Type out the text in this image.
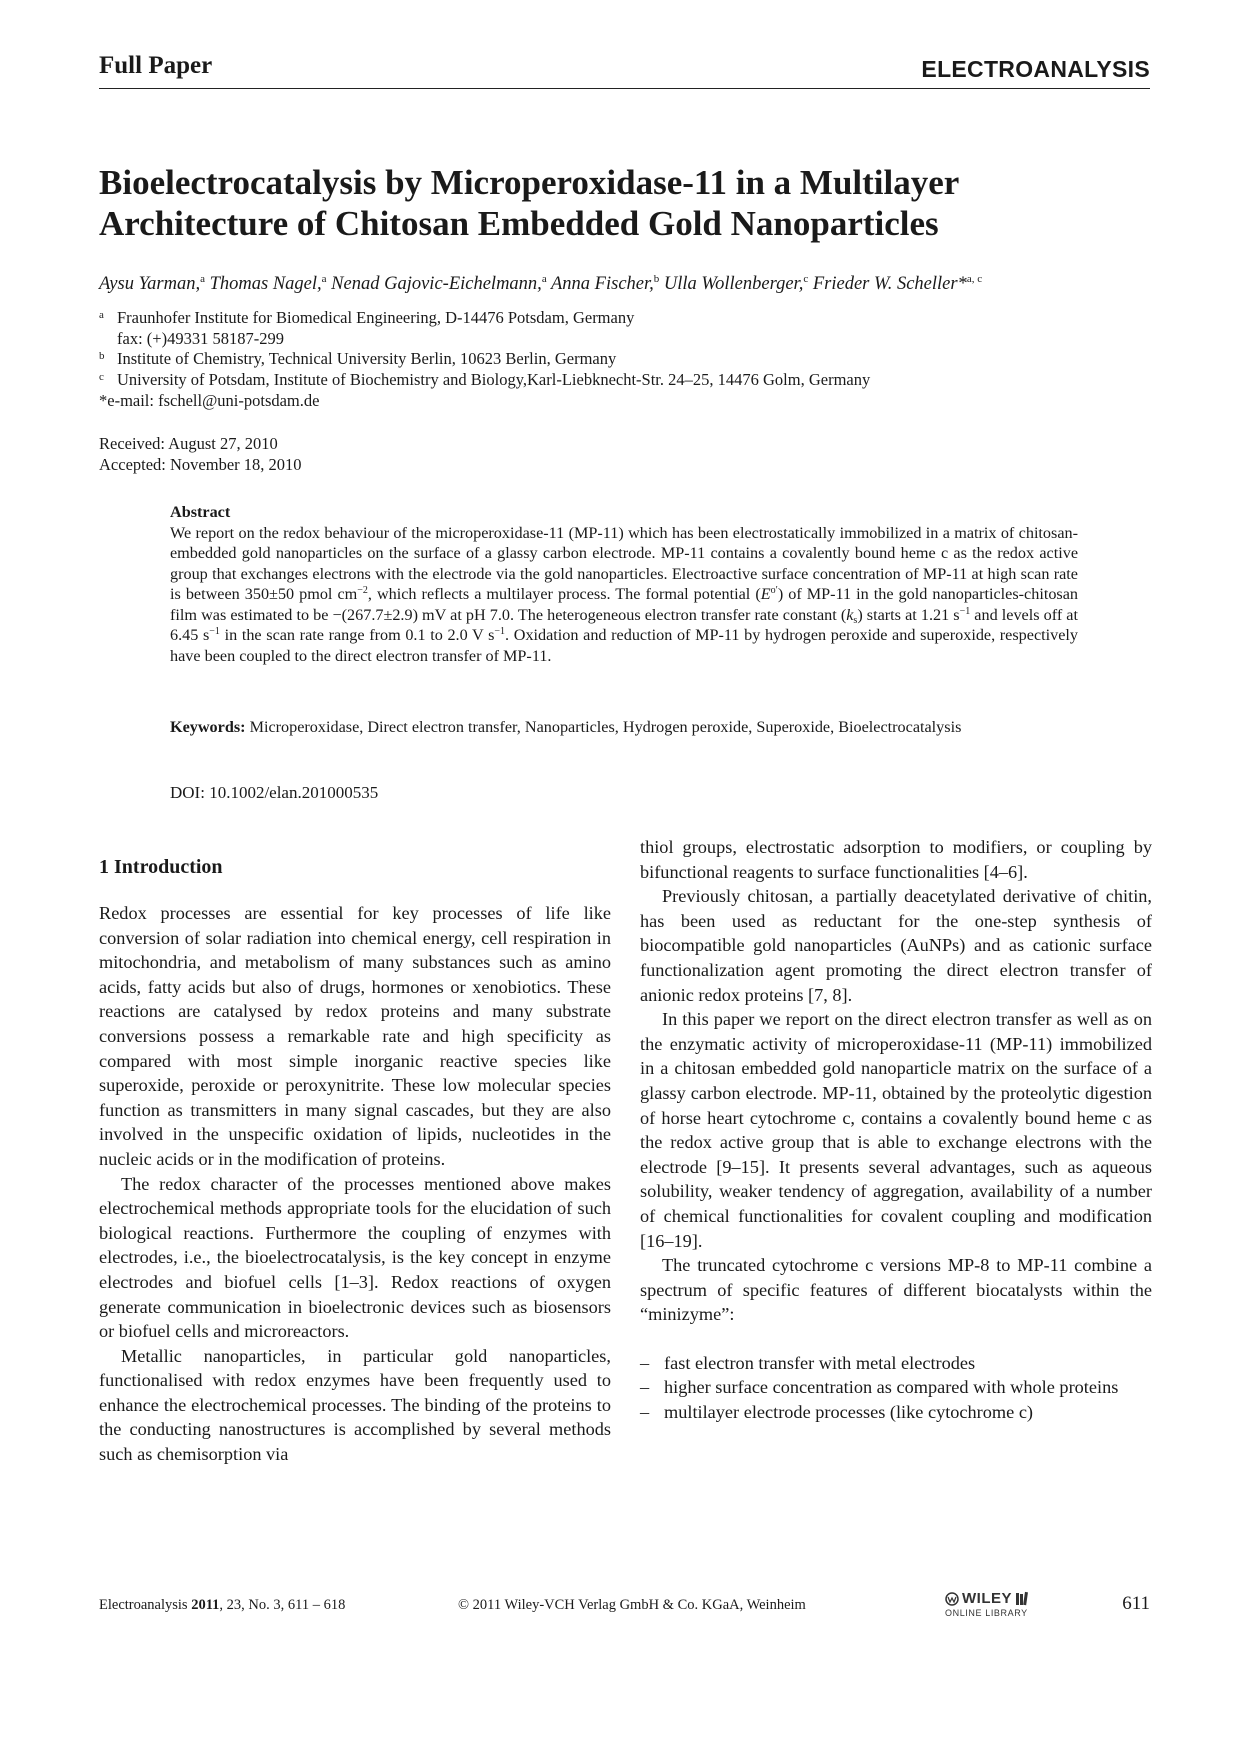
Full Paper	ELECTROANALYSIS
Bioelectrocatalysis by Microperoxidase-11 in a Multilayer
Architecture of Chitosan Embedded Gold Nanoparticles
Aysu Yarman,$^a$ Thomas Nagel,$^a$ Nenad Gajovic-Eichelmann,$^a$ Anna Fischer,$^b$ Ulla Wollenberger,$^c$ Frieder W. Scheller*$^{a, c}$
a Fraunhofer Institute for Biomedical Engineering, D-14476 Potsdam, Germany
fax: (+)49331 58187-299
b Institute of Chemistry, Technical University Berlin, 10623 Berlin, Germany
c University of Potsdam, Institute of Biochemistry and Biology,Karl-Liebknecht-Str. 24–25, 14476 Golm, Germany
*e-mail: fschell@uni-potsdam.de
Received: August 27, 2010
Accepted: November 18, 2010
Abstract
We report on the redox behaviour of the microperoxidase-11 (MP-11) which has been electrostatically immobilized in a matrix of chitosan-embedded gold nanoparticles on the surface of a glassy carbon electrode. MP-11 contains a covalently bound heme c as the redox active group that exchanges electrons with the electrode via the gold nanoparticles. Electroactive surface concentration of MP-11 at high scan rate is between 350±50 pmol $cm^{-2}$, which reflects a multilayer process. The formal potential $(E^{o'})$ of MP-11 in the gold nanoparticles-chitosan film was estimated to be −(267.7±2.9) mV at pH 7.0. The heterogeneous electron transfer rate constant $(k_s)$ starts at 1.21 $s^{-1}$ and levels off at 6.45 $s^{-1}$ in the scan rate range from 0.1 to 2.0 V $s^{-1}$. Oxidation and reduction of MP-11 by hydrogen peroxide and superoxide, respectively have been coupled to the direct electron transfer of MP-11.
Keywords: Microperoxidase, Direct electron transfer, Nanoparticles, Hydrogen peroxide, Superoxide, Bioelectrocatalysis
DOI: 10.1002/elan.201000535
1 Introduction

Redox processes are essential for key processes of life like conversion of solar radiation into chemical energy, cell respiration in mitochondria, and metabolism of many substances such as amino acids, fatty acids but also of drugs, hormones or xenobiotics. These reactions are catalysed by redox proteins and many substrate conversions possess a remarkable rate and high specificity as compared with most simple inorganic reactive species like superoxide, peroxide or peroxynitrite. These low molecular species function as transmitters in many signal cascades, but they are also involved in the unspecific oxidation of lipids, nucleotides in the nucleic acids or in the modification of proteins.

The redox character of the processes mentioned above makes electrochemical methods appropriate tools for the elucidation of such biological reactions. Furthermore the coupling of enzymes with electrodes, i.e., the bioelectrocatalysis, is the key concept in enzyme electrodes and biofuel cells [1–3]. Redox reactions of oxygen generate communication in bioelectronic devices such as biosensors or biofuel cells and microreactors.

Metallic nanoparticles, in particular gold nanoparticles, functionalised with redox enzymes have been frequently used to enhance the electrochemical processes. The binding of the proteins to the conducting nanostructures is accomplished by several methods such as chemisorption via

thiol groups, electrostatic adsorption to modifiers, or coupling by bifunctional reagents to surface functionalities [4–6].

Previously chitosan, a partially deacetylated derivative of chitin, has been used as reductant for the one-step synthesis of biocompatible gold nanoparticles (AuNPs) and as cationic surface functionalization agent promoting the direct electron transfer of anionic redox proteins [7, 8].

In this paper we report on the direct electron transfer as well as on the enzymatic activity of microperoxidase-11 (MP-11) immobilized in a chitosan embedded gold nanoparticle matrix on the surface of a glassy carbon electrode. MP-11, obtained by the proteolytic digestion of horse heart cytochrome c, contains a covalently bound heme c as the redox active group that is able to exchange electrons with the electrode [9–15]. It presents several advantages, such as aqueous solubility, weaker tendency of aggregation, availability of a number of chemical functionalities for covalent coupling and modification [16–19].

The truncated cytochrome c versions MP-8 to MP-11 combine a spectrum of specific features of different biocatalysts within the “minizyme”:

– fast electron transfer with metal electrodes
– higher surface concentration as compared with whole proteins
– multilayer electrode processes (like cytochrome c)
Electroanalysis 2011, 23, No. 3, 611 – 618	© 2011 Wiley-VCH Verlag GmbH & Co. KGaA, Weinheim	WILEY
ONLINE LIBRARY	611
